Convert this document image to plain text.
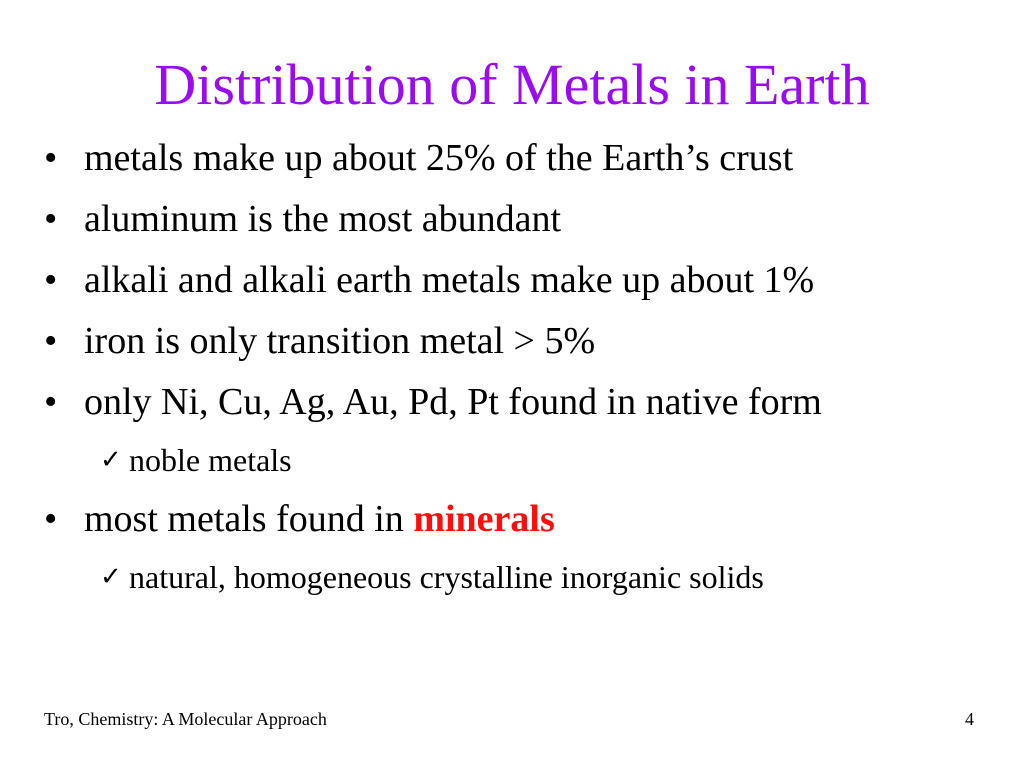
Distribution of Metals in Earth
• metals make up about 25% of the Earth’s crust
• aluminum is the most abundant
• alkali and alkali earth metals make up about 1%
• iron is only transition metal > 5%
• only Ni, Cu, Ag, Au, Pd, Pt found in native form
✓ noble metals
• most metals found in minerals
✓ natural, homogeneous crystalline inorganic solids
Tro, Chemistry: A Molecular Approach	4
